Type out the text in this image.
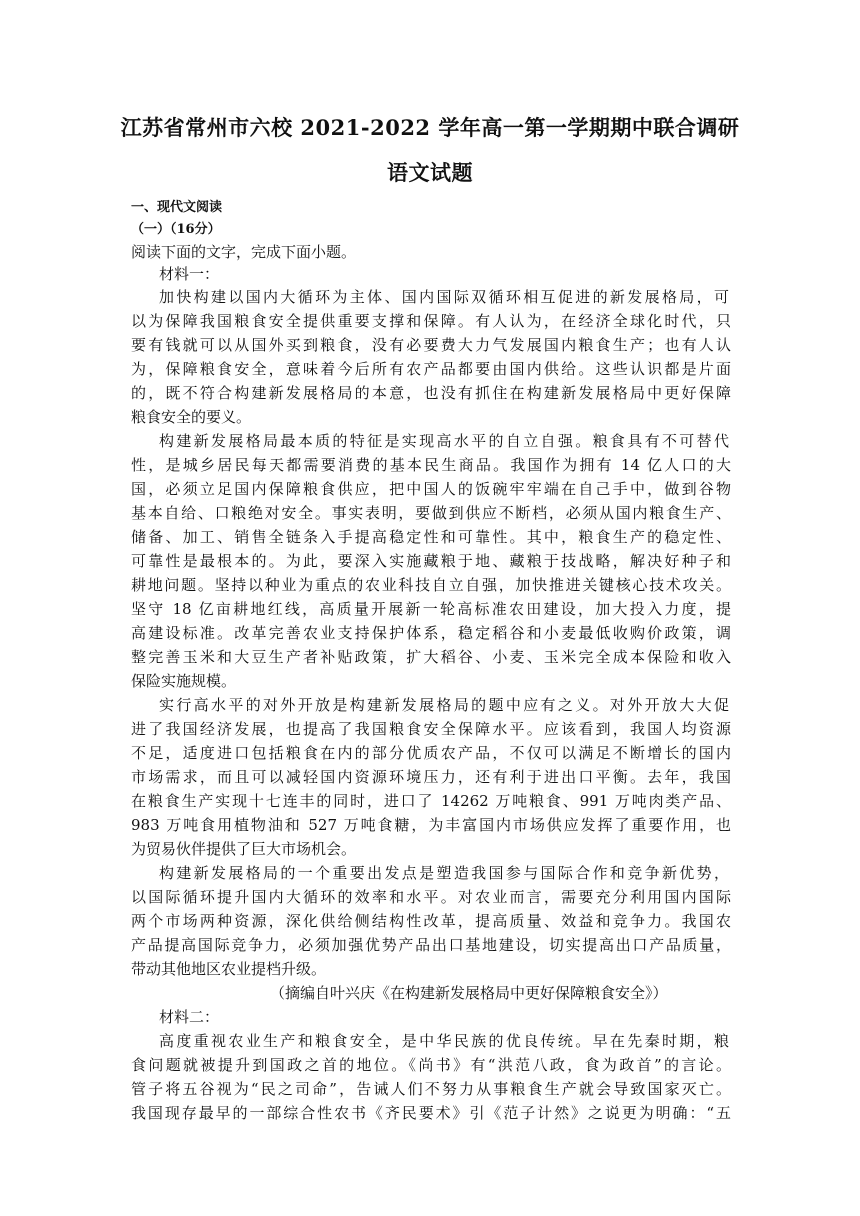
江苏省常州市六校 2021-2022 学年高一第一学期期中联合调研
语文试题
一、现代文阅读
（一）（16分）
阅读下面的文字，完成下面小题。
材料一：
加快构建以国内大循环为主体、国内国际双循环相互促进的新发展格局，可
以为保障我国粮食安全提供重要支撑和保障。有人认为，在经济全球化时代，只
要有钱就可以从国外买到粮食，没有必要费大力气发展国内粮食生产；也有人认
为，保障粮食安全，意味着今后所有农产品都要由国内供给。这些认识都是片面
的，既不符合构建新发展格局的本意，也没有抓住在构建新发展格局中更好保障
粮食安全的要义。
构建新发展格局最本质的特征是实现高水平的自立自强。粮食具有不可替代
性，是城乡居民每天都需要消费的基本民生商品。我国作为拥有 14 亿人口的大
国，必须立足国内保障粮食供应，把中国人的饭碗牢牢端在自己手中，做到谷物
基本自给、口粮绝对安全。事实表明，要做到供应不断档，必须从国内粮食生产、
储备、加工、销售全链条入手提高稳定性和可靠性。其中，粮食生产的稳定性、
可靠性是最根本的。为此，要深入实施藏粮于地、藏粮于技战略，解决好种子和
耕地问题。坚持以种业为重点的农业科技自立自强，加快推进关键核心技术攻关。
坚守 18 亿亩耕地红线，高质量开展新一轮高标准农田建设，加大投入力度，提
高建设标准。改革完善农业支持保护体系，稳定稻谷和小麦最低收购价政策，调
整完善玉米和大豆生产者补贴政策，扩大稻谷、小麦、玉米完全成本保险和收入
保险实施规模。
实行高水平的对外开放是构建新发展格局的题中应有之义。对外开放大大促
进了我国经济发展，也提高了我国粮食安全保障水平。应该看到，我国人均资源
不足，适度进口包括粮食在内的部分优质农产品，不仅可以满足不断增长的国内
市场需求，而且可以减轻国内资源环境压力，还有利于进出口平衡。去年，我国
在粮食生产实现十七连丰的同时，进口了 14262 万吨粮食、991 万吨肉类产品、
983 万吨食用植物油和 527 万吨食糖，为丰富国内市场供应发挥了重要作用，也
为贸易伙伴提供了巨大市场机会。
构建新发展格局的一个重要出发点是塑造我国参与国际合作和竞争新优势，
以国际循环提升国内大循环的效率和水平。对农业而言，需要充分利用国内国际
两个市场两种资源，深化供给侧结构性改革，提高质量、效益和竞争力。我国农
产品提高国际竞争力，必须加强优势产品出口基地建设，切实提高出口产品质量，
带动其他地区农业提档升级。
（摘编自叶兴庆《在构建新发展格局中更好保障粮食安全》）
材料二：
高度重视农业生产和粮食安全，是中华民族的优良传统。早在先秦时期，粮
食问题就被提升到国政之首的地位。《尚书》有“洪范八政，食为政首”的言论。
管子将五谷视为“民之司命”，告诫人们不努力从事粮食生产就会导致国家灭亡。
我国现存最早的一部综合性农书《齐民要术》引《范子计然》之说更为明确：“五
